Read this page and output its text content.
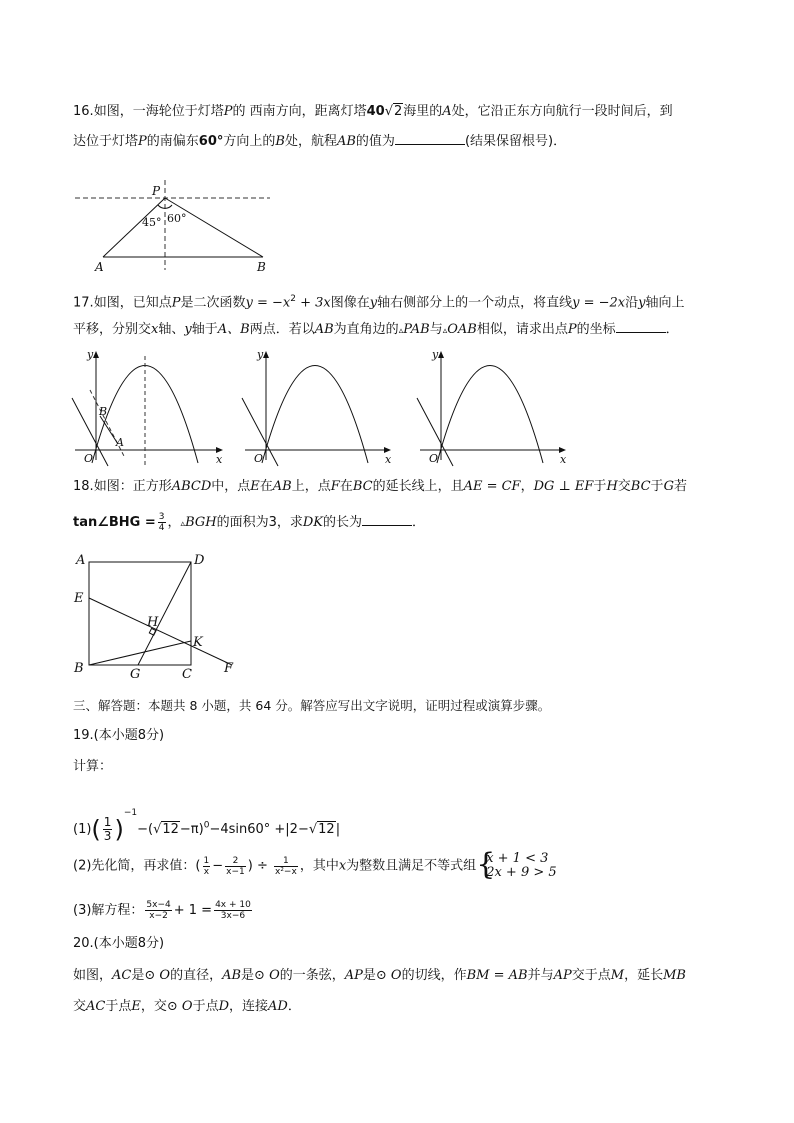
16.如图，一海轮位于灯塔P的 西南方向，距离灯塔40√2海里的A处，它沿正东方向航行一段时间后，到
达位于灯塔P的南偏东60°方向上的B处，航程AB的值为	(结果保留根号)．
P
45° 60°
A	B
17.如图，已知点P是二次函数$y = -x^2 + 3x$图像在y轴右侧部分上的一个动点，将直线y = −2x沿y轴向上
平移，分别交x轴、y轴于A、B两点．若以AB为直角边的▵PAB与▵OAB相似，请求出点P的坐标	．
y
x
O
B
A
y
x
O
y
x
O
18.如图：正方形ABCD中，点E在AB上，点F在BC的延长线上，且AE = CF，DG ⊥ EF于H交BC于G若
tan∠BHG = $\frac{3}{4}$ ，▵BGH的面积为3，求DK的长为	．
A	D
E
H
K
B	G	C F
三、解答题：本题共 8 小题，共 64 分。解答应写出文字说明，证明过程或演算步骤。
19.(本小题8分)
计算：
$(1)( \frac{1}{3} )^{-1}-(√12-\pi)^0-4\sin 60^\circ +|2-√12|$
(2)先化简，再求值：( $\frac{1}{x} - \frac{2}{x-1}$ ) ÷ $\frac{1}{\text{x²−x}}$ ，其中x为整数且满足不等式组 {
x + 1 < 3
2x + 9 > 5
(3)解方程： $\frac{5x-4}{x-2} + 1 = \frac{4x + 10}{3x-6}$
20.(本小题8分)
如图，AC是⊙ O的直径，AB是⊙ O的一条弦，AP是⊙ O的切线，作BM = AB并与AP交于点M，延长MB
交AC于点E，交⊙ O于点D，连接AD．
